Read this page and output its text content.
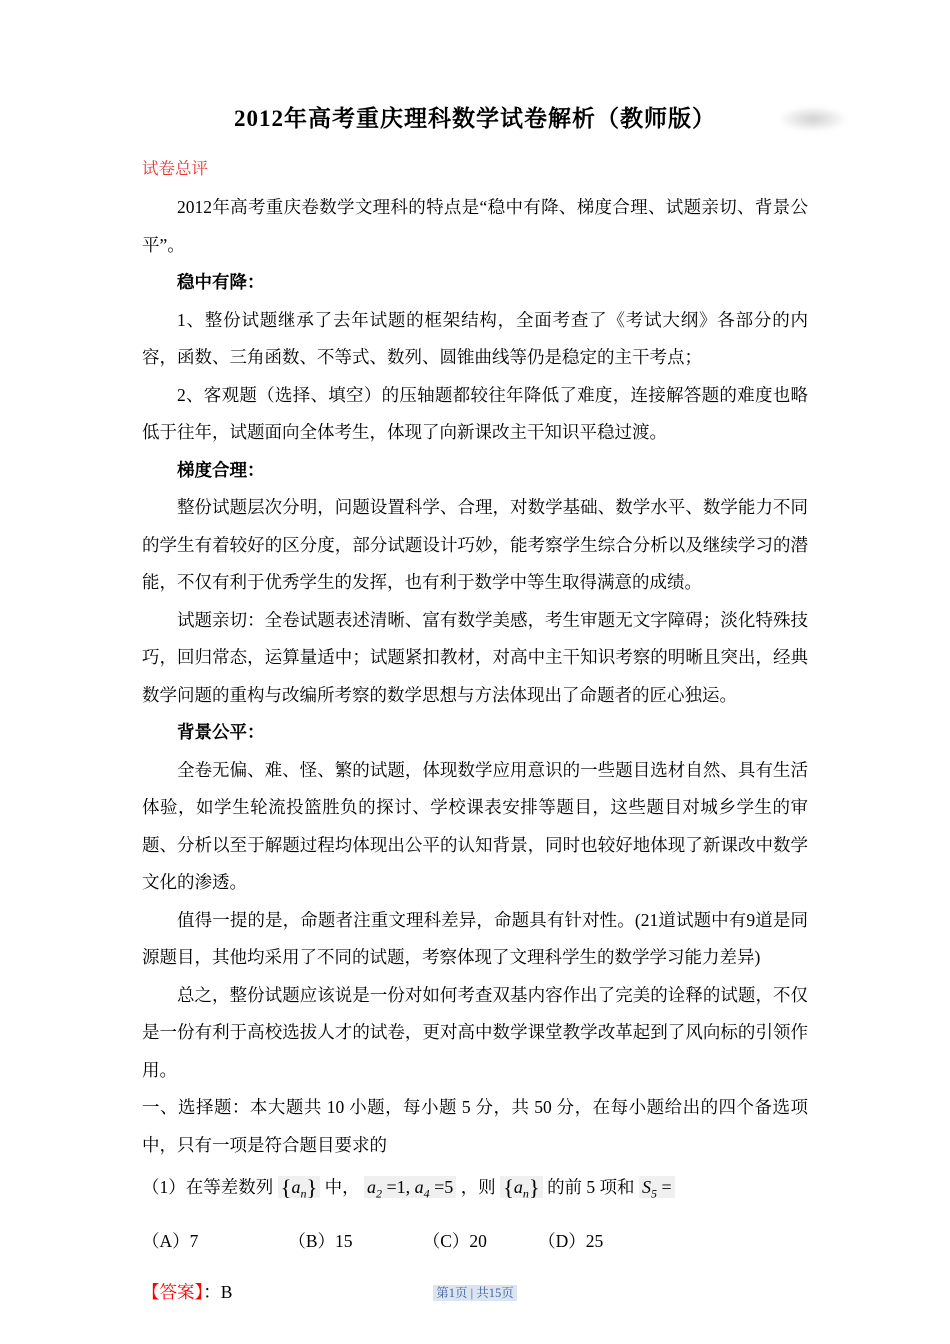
2012年高考重庆理科数学试卷解析（教师版）
试卷总评

2012年高考重庆卷数学文理科的特点是“稳中有降、梯度合理、试题亲切、背景公平”。

稳中有降：

1、整份试题继承了去年试题的框架结构，全面考查了《考试大纲》各部分的内容，函数、三角函数、不等式、数列、圆锥曲线等仍是稳定的主干考点；

2、客观题（选择、填空）的压轴题都较往年降低了难度，连接解答题的难度也略低于往年，试题面向全体考生，体现了向新课改主干知识平稳过渡。

梯度合理：

整份试题层次分明，问题设置科学、合理，对数学基础、数学水平、数学能力不同的学生有着较好的区分度，部分试题设计巧妙，能考察学生综合分析以及继续学习的潜能，不仅有利于优秀学生的发挥，也有利于数学中等生取得满意的成绩。

试题亲切：全卷试题表述清晰、富有数学美感，考生审题无文字障碍；淡化特殊技巧，回归常态，运算量适中；试题紧扣教材，对高中主干知识考察的明晰且突出，经典数学问题的重构与改编所考察的数学思想与方法体现出了命题者的匠心独运。

背景公平：

全卷无偏、难、怪、繁的试题，体现数学应用意识的一些题目选材自然、具有生活体验，如学生轮流投篮胜负的探讨、学校课表安排等题目，这些题目对城乡学生的审题、分析以至于解题过程均体现出公平的认知背景，同时也较好地体现了新课改中数学文化的渗透。

值得一提的是，命题者注重文理科差异，命题具有针对性。(21道试题中有9道是同源题目，其他均采用了不同的试题，考察体现了文理科学生的数学学习能力差异)

总之，整份试题应该说是一份对如何考查双基内容作出了完美的诠释的试题，不仅是一份有利于高校选拔人才的试卷，更对高中数学课堂教学改革起到了风向标的引领作用。

一、选择题：本大题共 10 小题，每小题 5 分，共 50 分，在每小题给出的四个备选项中，只有一项是符合题目要求的

（1）在等差数列 $\{a_n\}$ 中， $a_2 =1$, $a_4 =5$ ，则 $\{a_n\}$ 的前 5 项和 $S_5$ =

（A）7	（B）15	（C）20	（D）25

【答案】：B	第1页 | 共15页
